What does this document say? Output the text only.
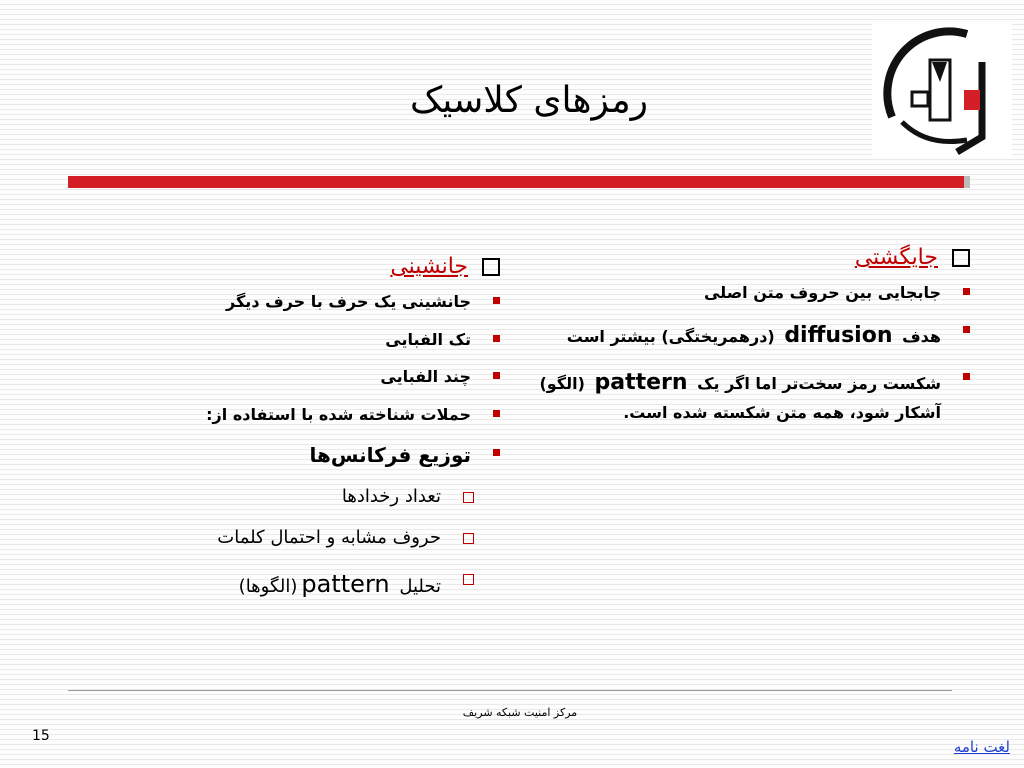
رمزهای کلاسیک
جایگشتی
جابجایی بین حروف متن اصلی
هدف diffusion (درهمریختگی) بیشتر است
شکست رمز سخت‌تر اما اگر یک pattern (الگو) آشکار شود، همه متن شکسته شده است.
جانشینی
جانشینی یک حرف با حرف دیگر
تک الفبایی
چند الفبایی
حملات شناخته شده با استفاده از:
توزیع فرکانس‌ها
تعداد رخدادها
حروف مشابه و احتمال کلمات
تحلیل pattern(الگوها)
مرکز امنیت شبکه شریف
15
لغت نامه
